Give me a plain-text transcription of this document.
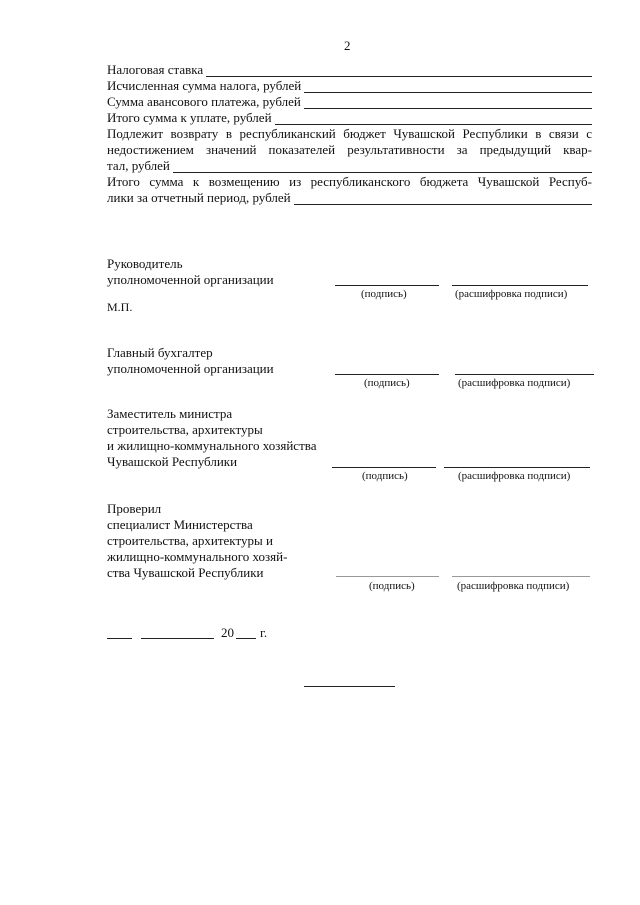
2
Налоговая ставка
Исчисленная сумма налога, рублей
Сумма авансового платежа, рублей
Итого сумма к уплате, рублей
Подлежит возврату в республиканский бюджет Чувашской Республики в связи с
недостижением значений показателей результативности за предыдущий квар-
тал, рублей
Итого сумма к возмещению из республиканского бюджета Чувашской Респуб-
лики за отчетный период, рублей
Руководитель
уполномоченной организации
(подпись)	(расшифровка подписи)
М.П.
Главный бухгалтер
уполномоченной организации
(подпись)	(расшифровка подписи)
Заместитель министра
строительства, архитектуры
и жилищно-коммунального хозяйства
Чувашской Республики
(подпись)	(расшифровка подписи)
Проверил
специалист Министерства
строительства, архитектуры и
жилищно-коммунального хозяй-
ства Чувашской Республики
(подпись)	(расшифровка подписи)
20 г.
